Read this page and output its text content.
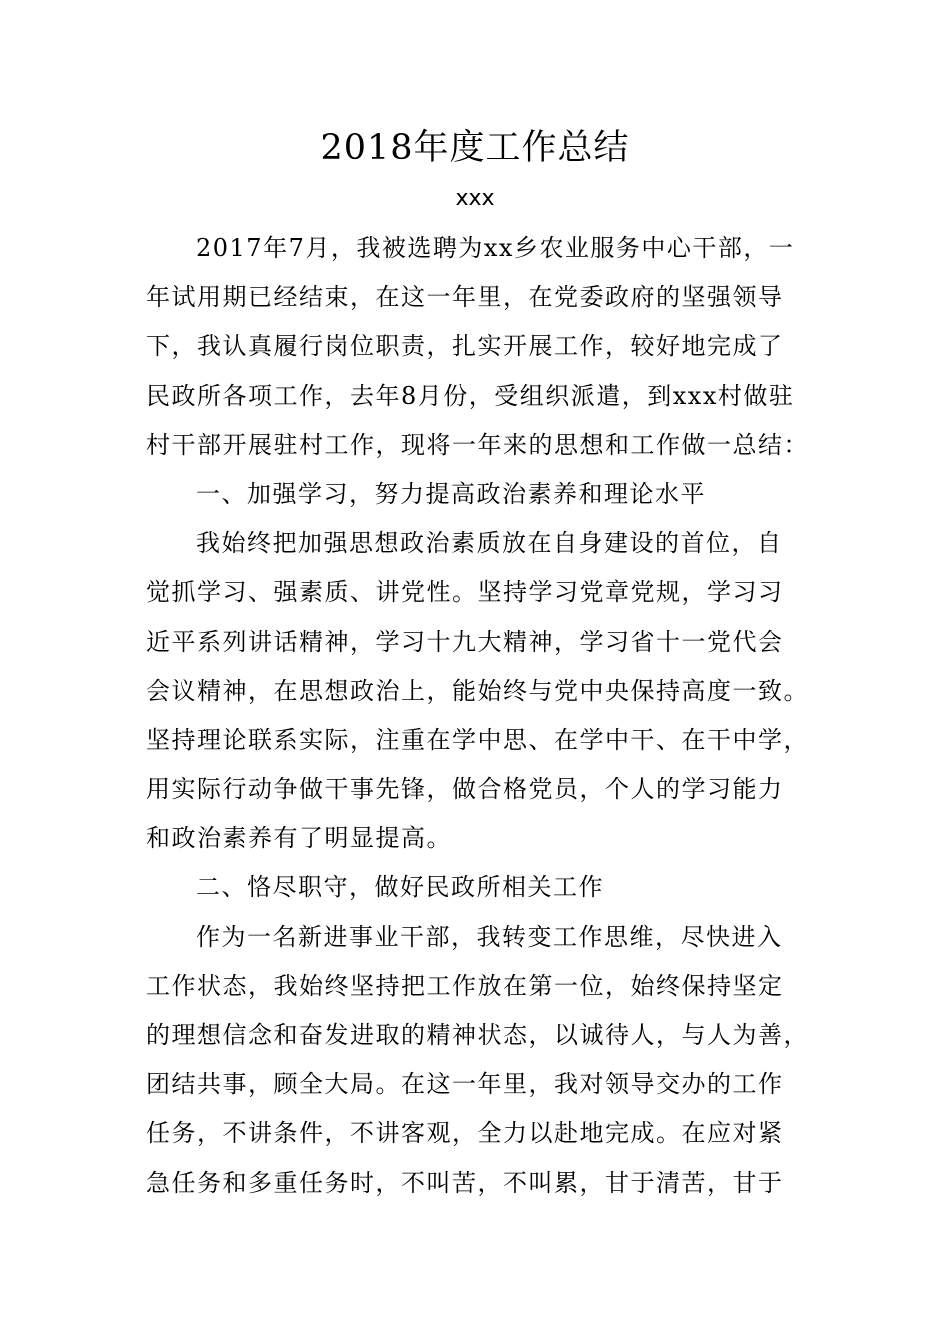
2018年度工作总结
xxx
2017年7月，我被选聘为xx乡农业服务中心干部，一
年试用期已经结束，在这一年里，在党委政府的坚强领导
下，我认真履行岗位职责，扎实开展工作，较好地完成了
民政所各项工作，去年8月份，受组织派遣，到xxx村做驻
村干部开展驻村工作，现将一年来的思想和工作做一总结：
一、加强学习，努力提高政治素养和理论水平
我始终把加强思想政治素质放在自身建设的首位，自
觉抓学习、强素质、讲党性。坚持学习党章党规，学习习
近平系列讲话精神，学习十九大精神，学习省十一党代会
会议精神，在思想政治上，能始终与党中央保持高度一致。
坚持理论联系实际，注重在学中思、在学中干、在干中学，
用实际行动争做干事先锋，做合格党员，个人的学习能力
和政治素养有了明显提高。
二、恪尽职守，做好民政所相关工作
作为一名新进事业干部，我转变工作思维，尽快进入
工作状态，我始终坚持把工作放在第一位，始终保持坚定
的理想信念和奋发进取的精神状态，以诚待人，与人为善，
团结共事，顾全大局。在这一年里，我对领导交办的工作
任务，不讲条件，不讲客观，全力以赴地完成。在应对紧
急任务和多重任务时，不叫苦，不叫累，甘于清苦，甘于
